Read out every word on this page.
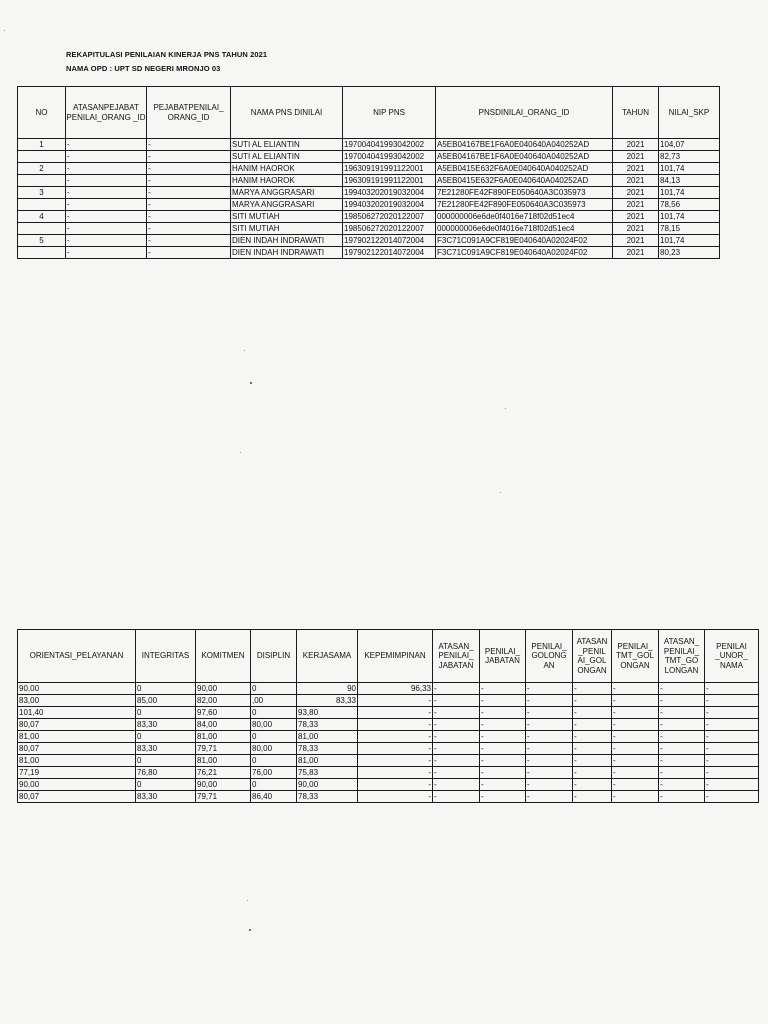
REKAPITULASI PENILAIAN KINERJA PNS TAHUN 2021
NAMA OPD : UPT SD NEGERI MRONJO 03
NO	ATASANPEJABAT PENILAI_ORANG _ID	PEJABATPENILAI_ ORANG_ID	NAMA PNS DINILAI	NIP PNS	PNSDINILAI_ORANG_ID	TAHUN	NILAI_SKP
1	-	-	SUTI AL ELIANTIN	197004041993042002	A5EB04167BE1F6A0E040640A040252AD	2021	104,07
	-	-	SUTI AL ELIANTIN	197004041993042002	A5EB04167BE1F6A0E040640A040252AD	2021	82,73
2	-	-	HANIM HAOROK	196309191991122001	A5EB0415E632F6A0E040640A040252AD	2021	101,74
	-	-	HANIM HAOROK	196309191991122001	A5EB0415E632F6A0E040640A040252AD	2021	84,13
3	-	-	MARYA ANGGRASARI	199403202019032004	7E21280FE42F890FE050640A3C035973	2021	101,74
	-	-	MARYA ANGGRASARI	199403202019032004	7E21280FE42F890FE050640A3C035973	2021	78,56
4	-	-	SITI MUTIAH	198506272020122007	000000006e6de0f4016e718f02d51ec4	2021	101,74
	-	-	SITI MUTIAH	198506272020122007	000000006e6de0f4016e718f02d51ec4	2021	78,15
5	-	-	DIEN INDAH INDRAWATI	197902122014072004	F3C71C091A9CF819E040640A02024F02	2021	101,74
	-	-	DIEN INDAH INDRAWATI	197902122014072004	F3C71C091A9CF819E040640A02024F02	2021	80,23
ORIENTASI_PELAYANAN	INTEGRITAS	KOMITMEN	DISIPLIN	KERJASAMA	KEPEMIMPINAN	ATASAN_ PENILAI_ JABATAN	PENILAI_ JABATAN	PENILAI_ GOLONG AN	ATASAN _PENIL AI_GOL ONGAN	PENILAI_ TMT_GOL ONGAN	ATASAN_ PENILAI_ TMT_GO LONGAN	PENILAI _UNOR_ NAMA
90,00	0	90,00	0	90	96,33	-	-	-	-	-	-	-
83,00	85,00	82,00	,00	83,33	-	-	-	-	-	-	-	-
101,40	0	97,60	0	93,80	-	-	-	-	-	-	-	-
80,07	83,30	84,00	80,00	78,33	-	-	-	-	-	-	-	-
81,00	0	81,00	0	81,00	-	-	-	-	-	-	-	-
80,07	83,30	79,71	80,00	78,33	-	-	-	-	-	-	-	-
81,00	0	81,00	0	81,00	-	-	-	-	-	-	-	-
77,19	76,80	76,21	76,00	75,83	-	-	-	-	-	-	-	-
90,00	0	90,00	0	90,00	-	-	-	-	-	-	-	-
80,07	83,30	79,71	86,40	78,33	-	-	-	-	-	-	-	-
